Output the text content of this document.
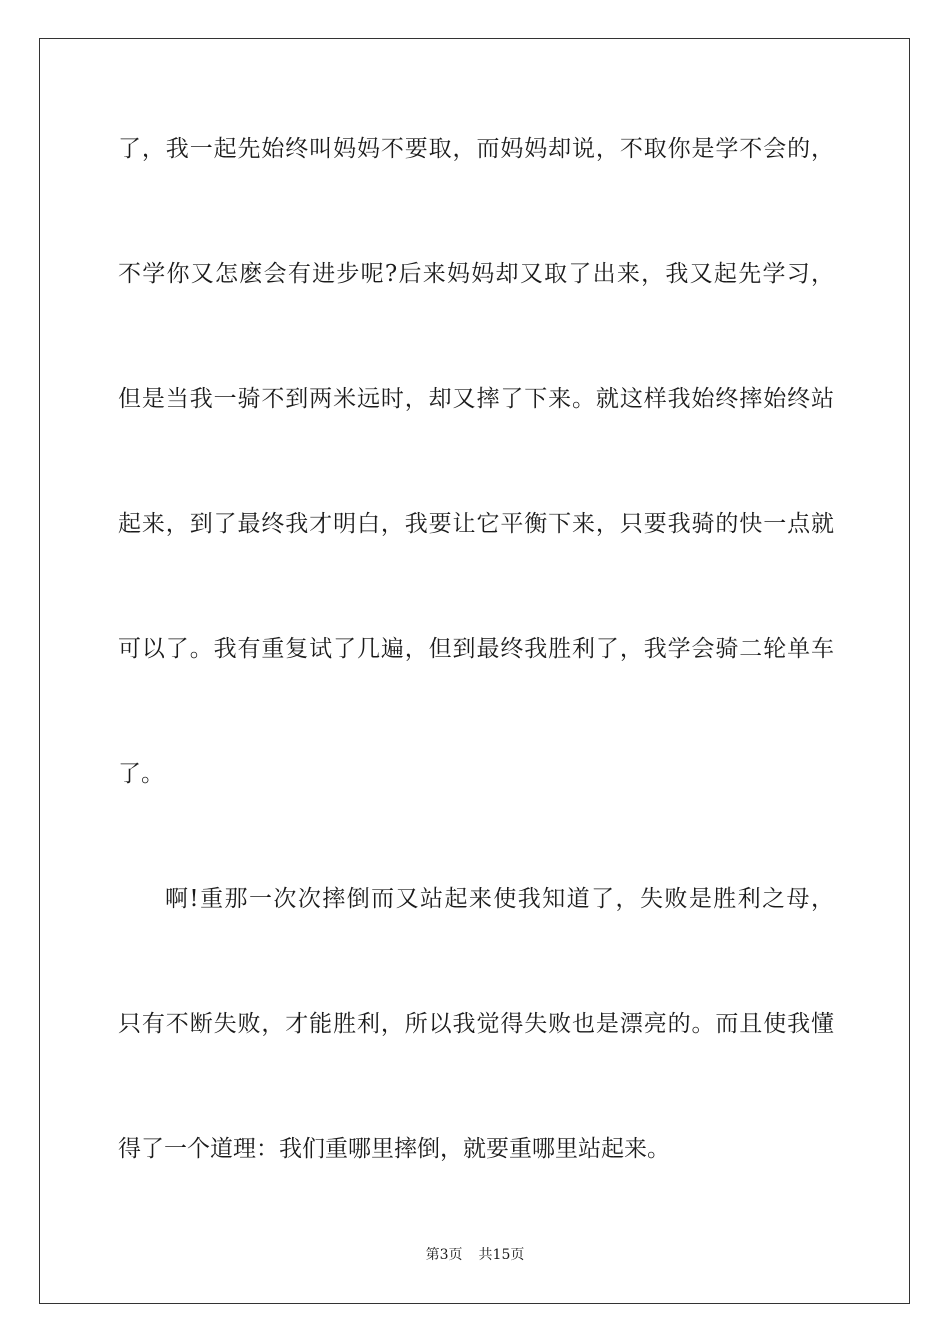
了，我一起先始终叫妈妈不要取，而妈妈却说，不取你是学不会的，
不学你又怎麽会有进步呢?后来妈妈却又取了出来，我又起先学习，
但是当我一骑不到两米远时，却又摔了下来。就这样我始终摔始终站
起来，到了最终我才明白，我要让它平衡下来，只要我骑的快一点就
可以了。我有重复试了几遍，但到最终我胜利了，我学会骑二轮单车
了。
啊!重那一次次摔倒而又站起来使我知道了，失败是胜利之母，
只有不断失败，才能胜利，所以我觉得失败也是漂亮的。而且使我懂
得了一个道理：我们重哪里摔倒，就要重哪里站起来。
第3页 共15页
